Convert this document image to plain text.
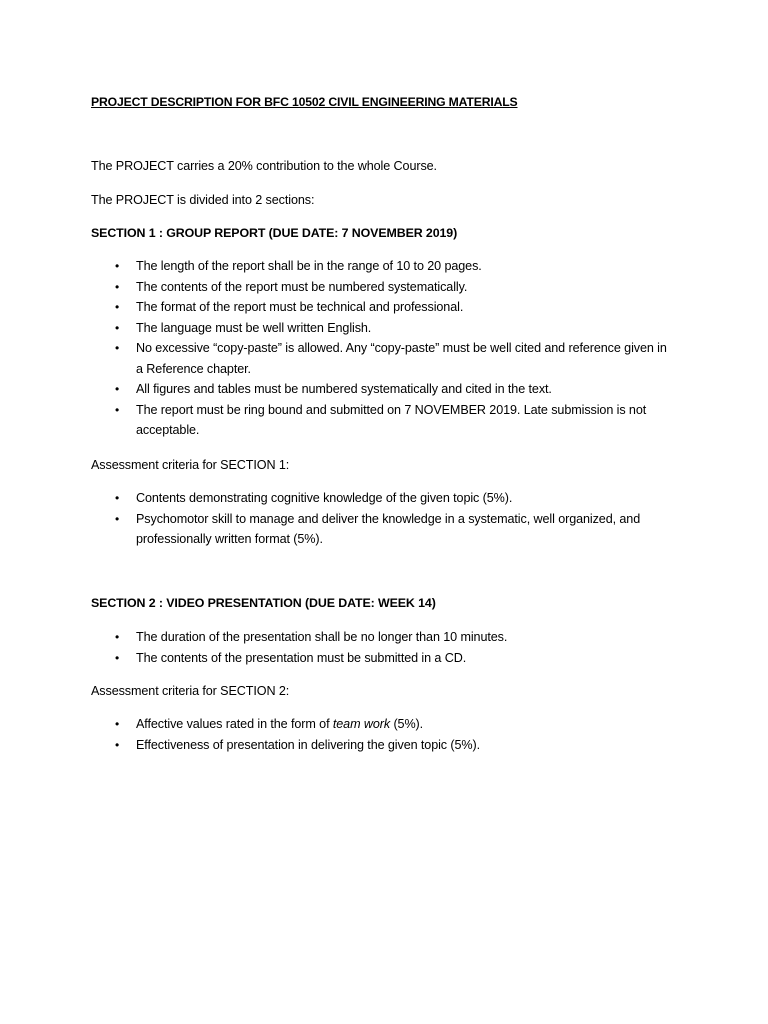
PROJECT DESCRIPTION FOR BFC 10502 CIVIL ENGINEERING MATERIALS

The PROJECT carries a 20% contribution to the whole Course.

The PROJECT is divided into 2 sections:

SECTION 1 : GROUP REPORT (DUE DATE: 7 NOVEMBER 2019)

• The length of the report shall be in the range of 10 to 20 pages.
• The contents of the report must be numbered systematically.
• The format of the report must be technical and professional.
• The language must be well written English.
• No excessive “copy-paste” is allowed. Any “copy-paste” must be well cited and reference given in a Reference chapter.
• All figures and tables must be numbered systematically and cited in the text.
• The report must be ring bound and submitted on 7 NOVEMBER 2019. Late submission is not acceptable.

Assessment criteria for SECTION 1:

• Contents demonstrating cognitive knowledge of the given topic (5%).
• Psychomotor skill to manage and deliver the knowledge in a systematic, well organized, and professionally written format (5%).

SECTION 2 : VIDEO PRESENTATION (DUE DATE: WEEK 14)

• The duration of the presentation shall be no longer than 10 minutes.
• The contents of the presentation must be submitted in a CD.

Assessment criteria for SECTION 2:

• Affective values rated in the form of team work (5%).
• Effectiveness of presentation in delivering the given topic (5%).
